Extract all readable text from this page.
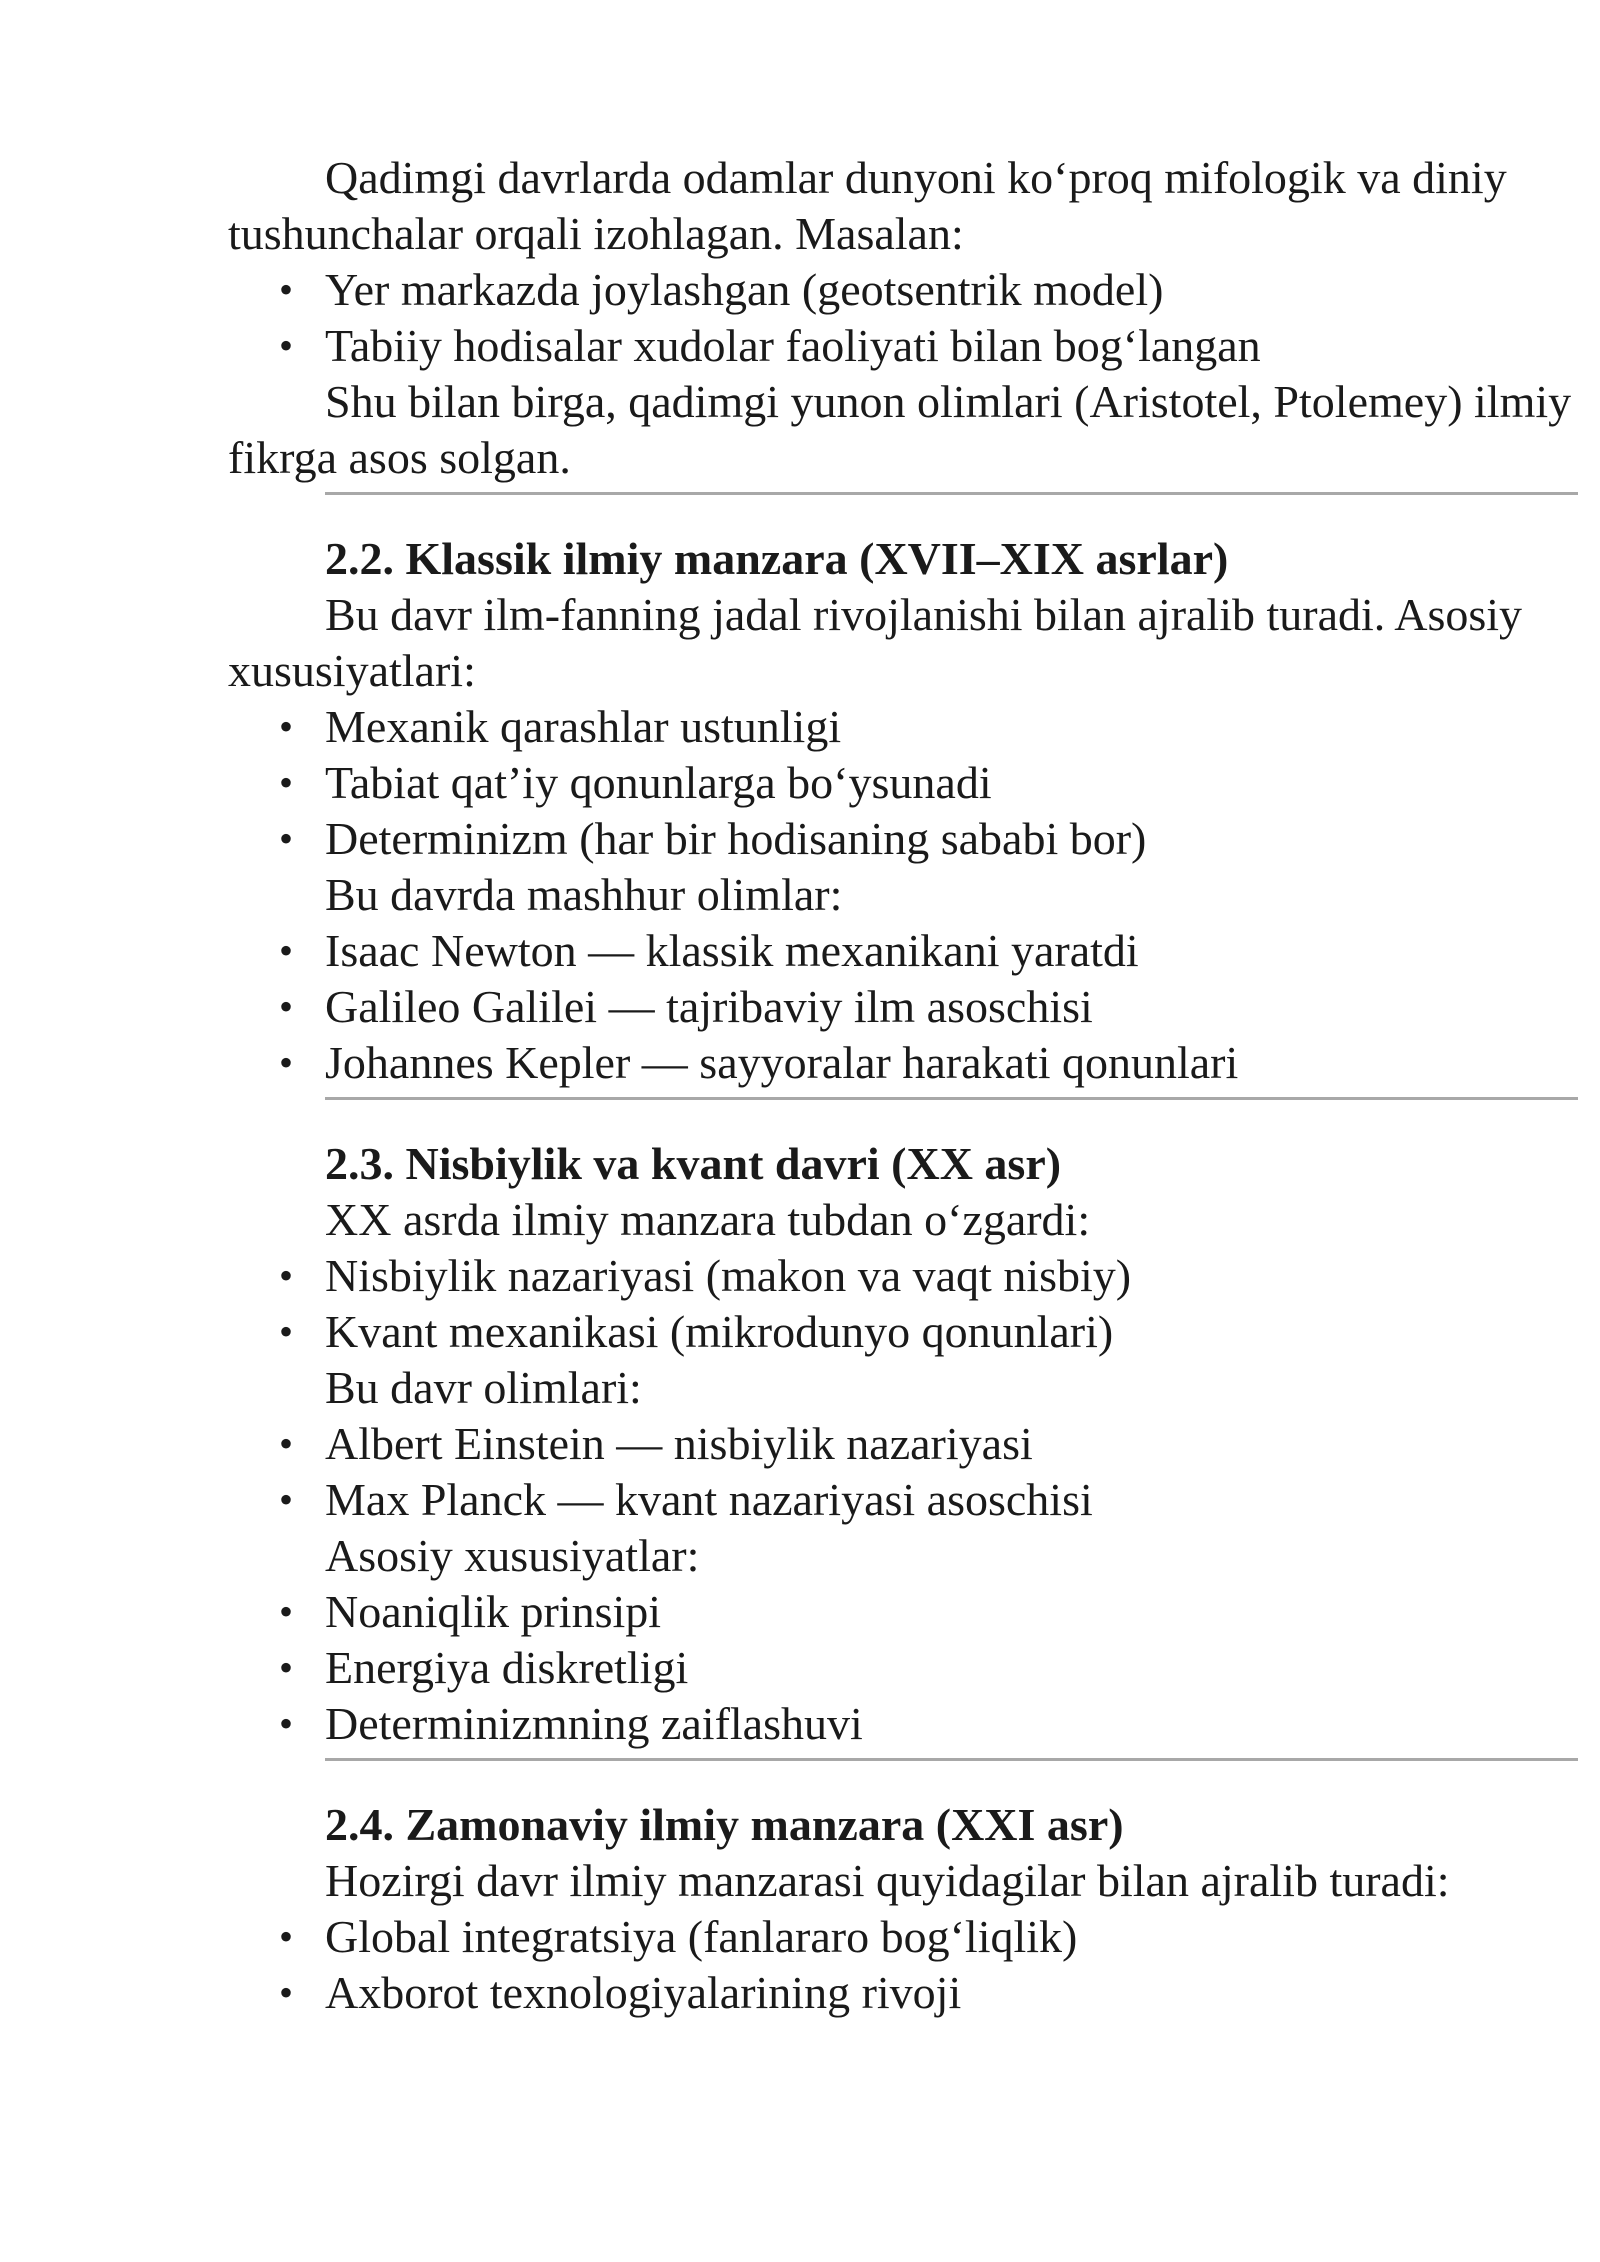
Qadimgi davrlarda odamlar dunyoni ko‘proq mifologik va diniy tushunchalar orqali izohlagan. Masalan:

• Yer markazda joylashgan (geotsentrik model)
• Tabiiy hodisalar xudolar faoliyati bilan bog‘langan

Shu bilan birga, qadimgi yunon olimlari (Aristotel, Ptolemey) ilmiy fikrga asos solgan.

2.2. Klassik ilmiy manzara (XVII–XIX asrlar)

Bu davr ilm-fanning jadal rivojlanishi bilan ajralib turadi. Asosiy xususiyatlari:

• Mexanik qarashlar ustunligi
• Tabiat qat’iy qonunlarga bo‘ysunadi
• Determinizm (har bir hodisaning sababi bor)

Bu davrda mashhur olimlar:

• Isaac Newton — klassik mexanikani yaratdi
• Galileo Galilei — tajribaviy ilm asoschisi
• Johannes Kepler — sayyoralar harakati qonunlari

2.3. Nisbiylik va kvant davri (XX asr)

XX asrda ilmiy manzara tubdan o‘zgardi:

• Nisbiylik nazariyasi (makon va vaqt nisbiy)
• Kvant mexanikasi (mikrodunyo qonunlari)

Bu davr olimlari:

• Albert Einstein — nisbiylik nazariyasi
• Max Planck — kvant nazariyasi asoschisi

Asosiy xususiyatlar:

• Noaniqlik prinsipi
• Energiya diskretligi
• Determinizmning zaiflashuvi

2.4. Zamonaviy ilmiy manzara (XXI asr)

Hozirgi davr ilmiy manzarasi quyidagilar bilan ajralib turadi:

• Global integratsiya (fanlararo bog‘liqlik)
• Axborot texnologiyalarining rivoji
